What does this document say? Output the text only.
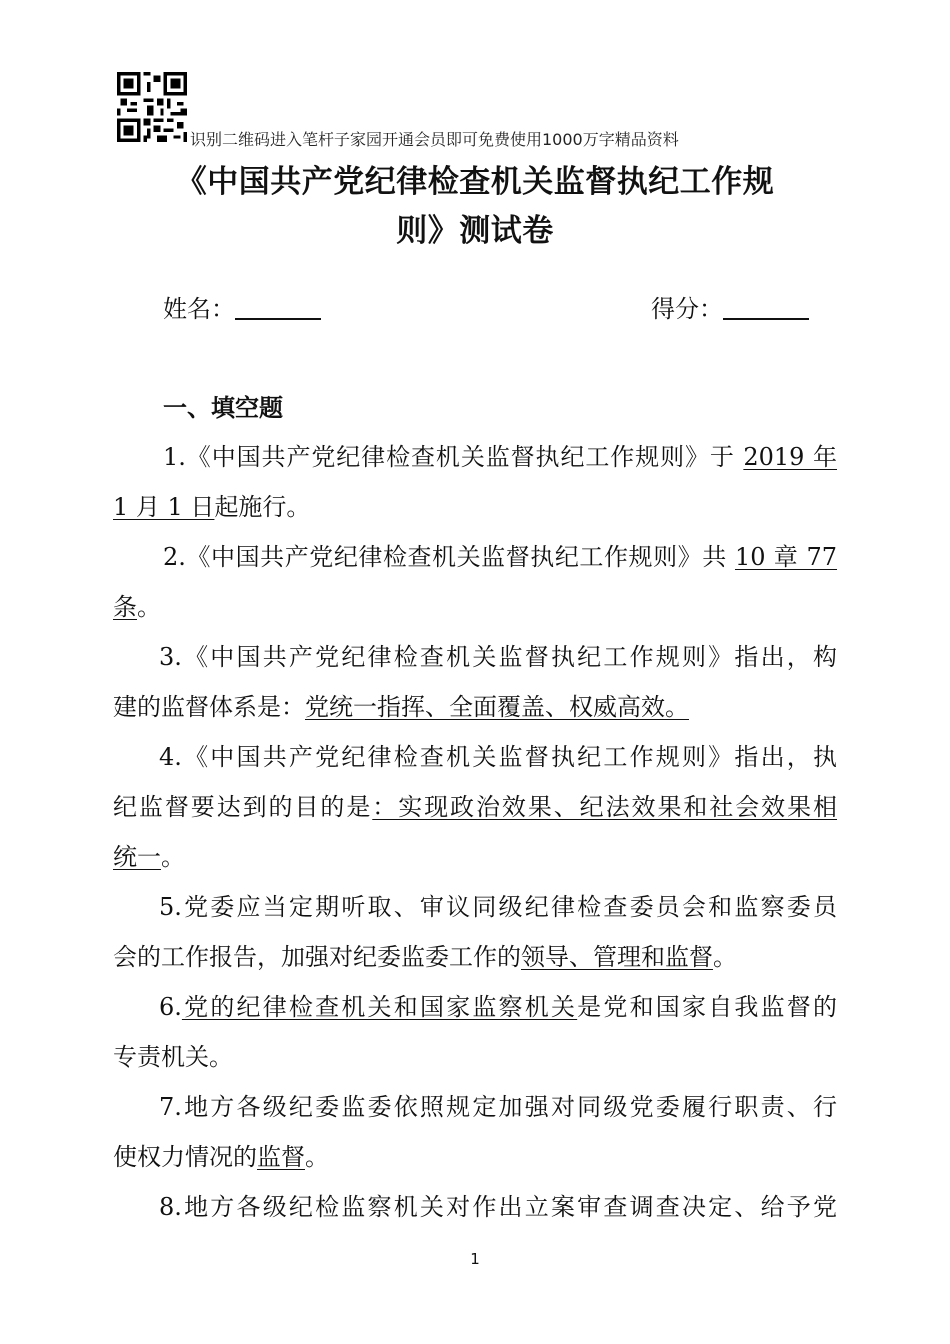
识别二维码进入笔杆子家园开通会员即可免费使用1000万字精品资料
《中国共产党纪律检查机关监督执纪工作规
则》测试卷
姓名：	得分：
一、填空题
1.《中国共产党纪律检查机关监督执纪工作规则》于 2019 年
1 月 1 日起施行。
2.《中国共产党纪律检查机关监督执纪工作规则》共 10 章 77
条。
3.《中国共产党纪律检查机关监督执纪工作规则》指出，构
建的监督体系是：党统一指挥、全面覆盖、权威高效。
4.《中国共产党纪律检查机关监督执纪工作规则》指出，执
纪监督要达到的目的是：实现政治效果、纪法效果和社会效果相
统一。
5.党委应当定期听取、审议同级纪律检查委员会和监察委员
会的工作报告，加强对纪委监委工作的领导、管理和监督。
6.党的纪律检查机关和国家监察机关是党和国家自我监督的
专责机关。
7.地方各级纪委监委依照规定加强对同级党委履行职责、行
使权力情况的监督。
8.地方各级纪检监察机关对作出立案审查调查决定、给予党
1
